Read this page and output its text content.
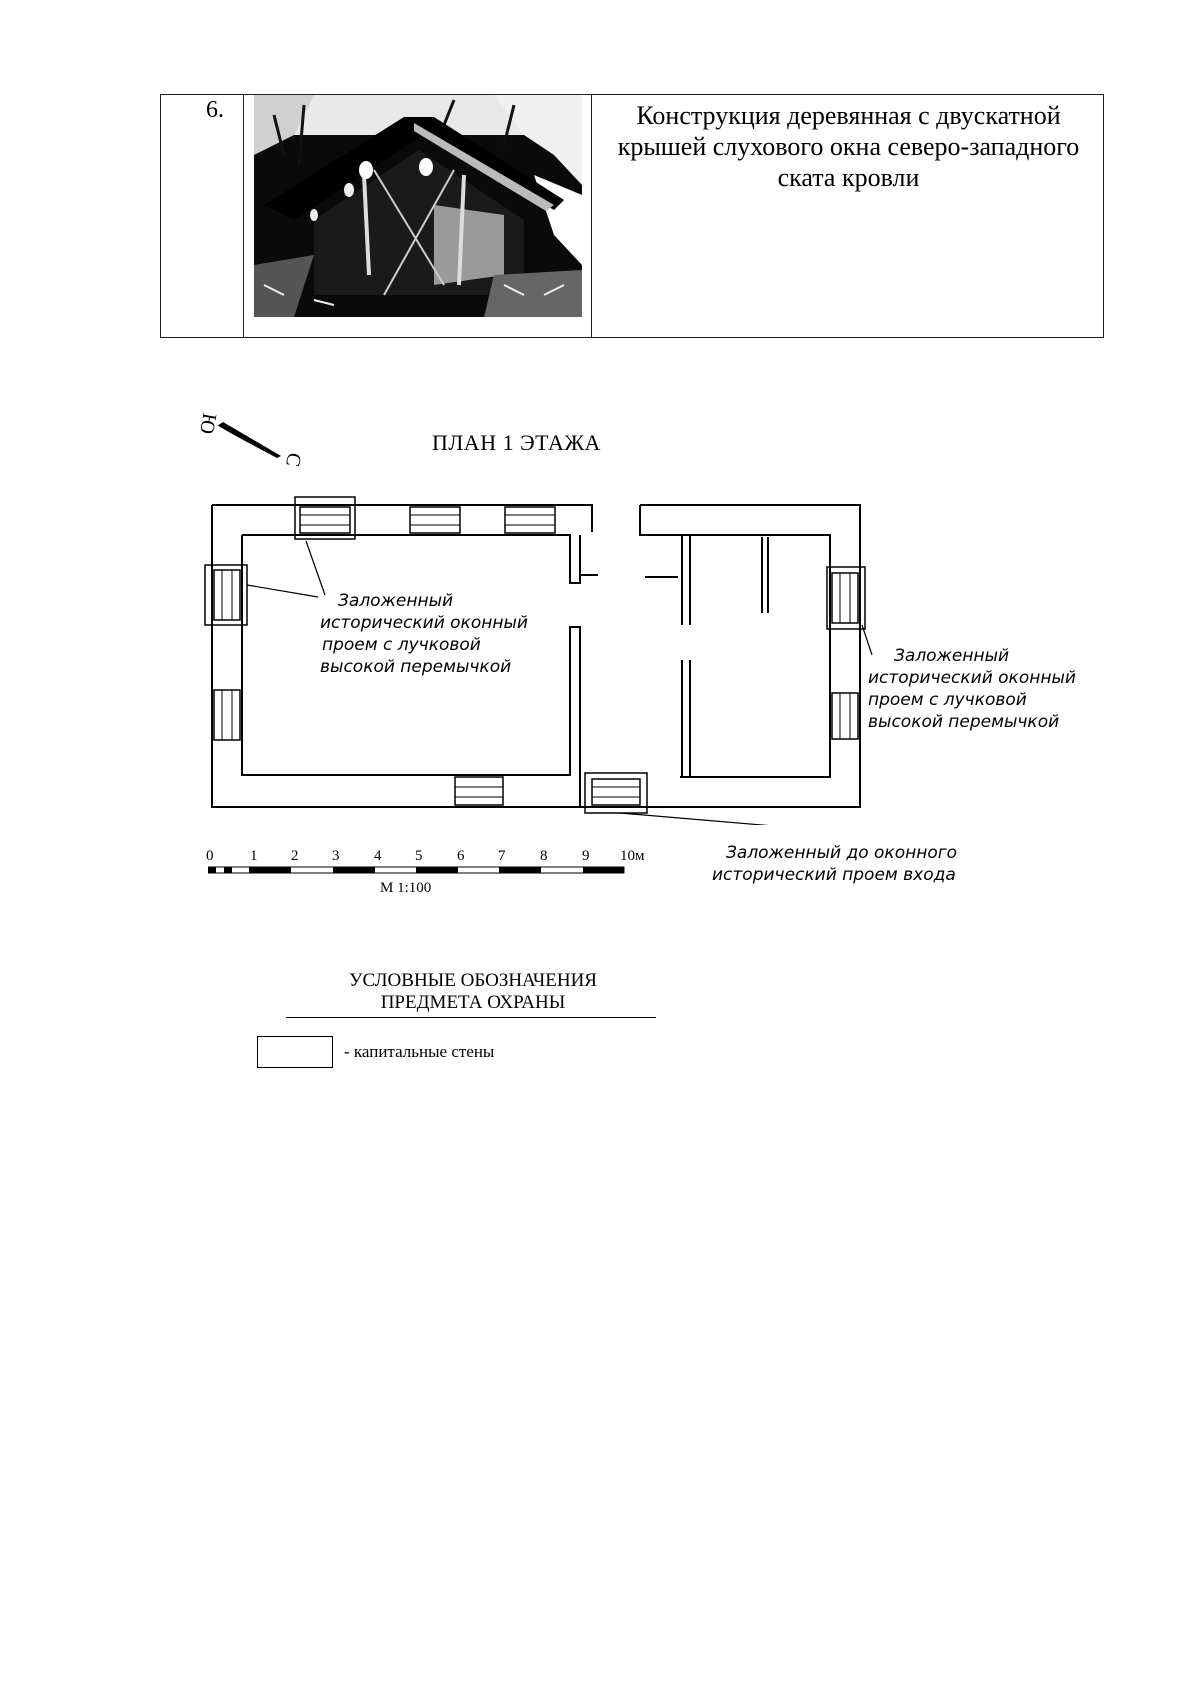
6.	Конструкция деревянная с двускатной
крышей слухового окна северо-западного
ската кровли
ПЛАН 1 ЭТАЖА
Ю
С
Заложенный
исторический оконный
проем с лучковой
высокой перемычкой
Заложенный
исторический оконный
проем с лучковой
высокой перемычкой
Заложенный до оконного
исторический проем входа
0 1 2 3 4 5 6 7 8 9 10м
М 1:100
УСЛОВНЫЕ ОБОЗНАЧЕНИЯ
ПРЕДМЕТА ОХРАНЫ
- капитальные стены
